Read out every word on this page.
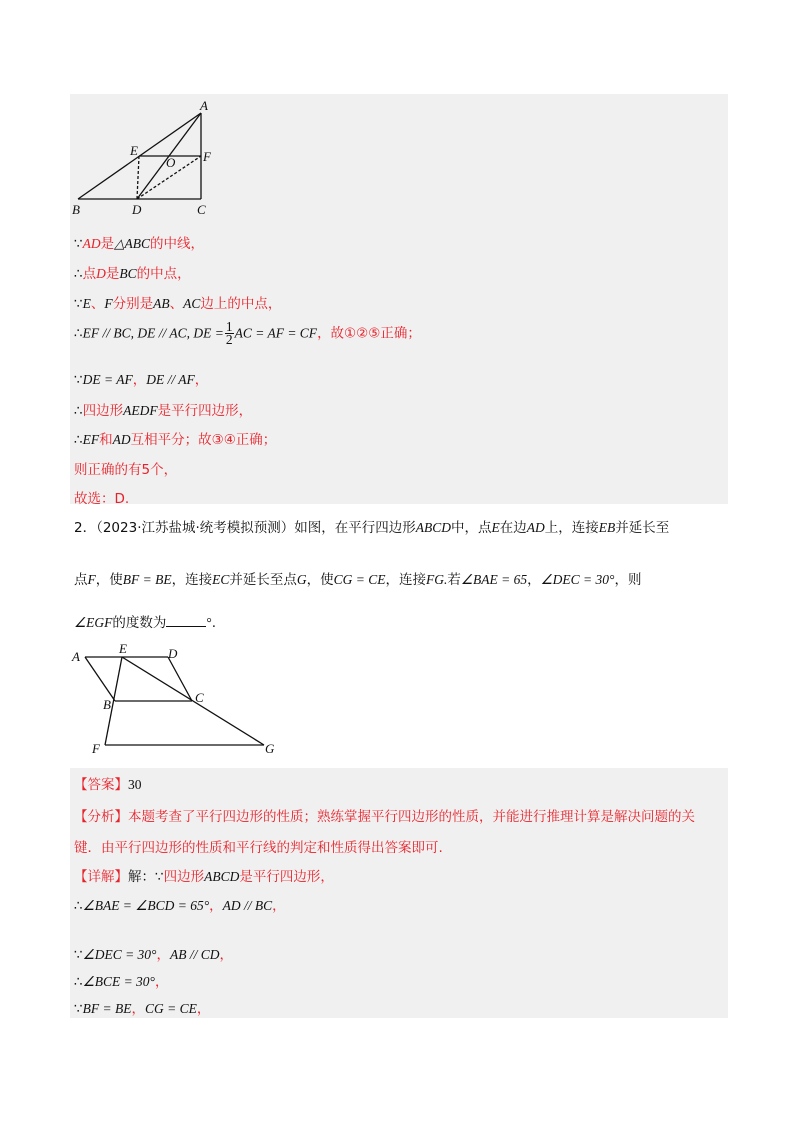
A
E
O F
B	D	C
∵AD是△ABC的中线，
∴点D是BC的中点，
∵E、F分别是AB、AC边上的中点，
∴EF // BC, DE // AC, DE = $\frac{1}{2}$ AC = AF = CF，故①②⑤正确；
∵DE = AF，DE // AF，
∴四边形AEDF是平行四边形，
∴EF和AD互相平分；故③④正确；
则正确的有5个，
故选：D.
2．（2023·江苏盐城·统考模拟预测）如图，在平行四边形ABCD中，点E在边AD上，连接EB并延长至
点F，使BF = BE，连接EC并延长至点G，使CG = CE，连接FG.若∠BAE = 65，∠DEC = 30°，则
∠EGF的度数为	°.
A
E	D
C
B
F	G
【答案】30
【分析】本题考查了平行四边形的性质；熟练掌握平行四边形的性质，并能进行推理计算是解决问题的关
键．由平行四边形的性质和平行线的判定和性质得出答案即可.
【详解】解：∵四边形ABCD是平行四边形，
∴∠BAE = ∠BCD = 65°，AD // BC，
∵∠DEC = 30°，AB // CD，
∴∠BCE = 30°，
∵BF = BE，CG = CE，
